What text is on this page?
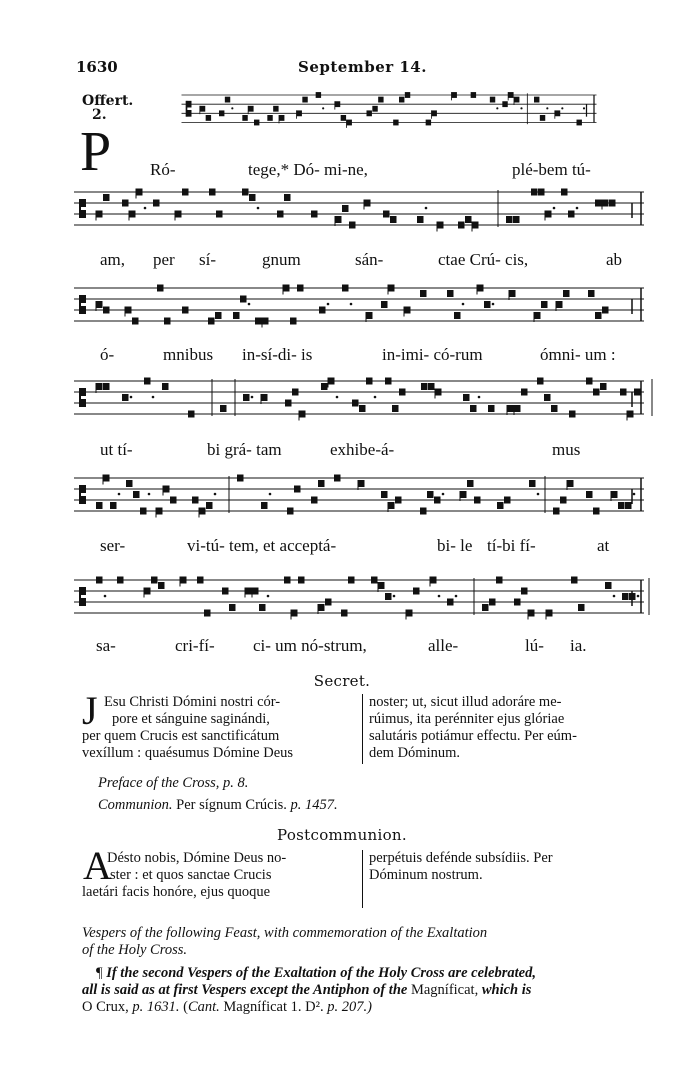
1630	September 14.
Offert.
2.
P Ró-	tege,* Dó- mi-ne,	plé-bem tú-
am, per sí-	gnum	sán-	ctae Crú- cis,	ab
ó-	mnibus in-sí-di- is	in-imi- có-rum	ómni- um :
ut tí-	bi grá- tam	exhibe-á-	mus
ser-	vi-tú- tem, et acceptá-	bi- le tí-bi fí-	at
sa-	cri-fí- ci- um nó-strum,	alle-	lú- ia.
Secret.
J Esu Christi Dómini nostri cór-
pore et sánguine saginándi,
per quem Crucis est sanctificátum
vexíllum : quaésumus Dómine Deus
noster; ut, sicut illud adoráre me-
rúimus, ita perénniter ejus glóriae
salutáris potiámur effectu. Per eúm-
dem Dóminum.
Preface of the Cross, p. 8.
Communion. Per sígnum Crúcis. p. 1457.
Postcommunion.
A
Désto nobis, Dómine Deus no-
ster : et quos sanctae Crucis
laetári facis honóre, ejus quoque
perpétuis defénde subsídiis. Per
Dóminum nostrum.
Vespers of the following Feast, with commemoration of the Exaltation
of the Holy Cross.
¶ If the second Vespers of the Exaltation of the Holy Cross are celebrated,
all is said as at first Vespers except the Antiphon of the Magníficat, which is
O Crux, p. 1631. (Cant. Magníficat 1. D². p. 207.)
